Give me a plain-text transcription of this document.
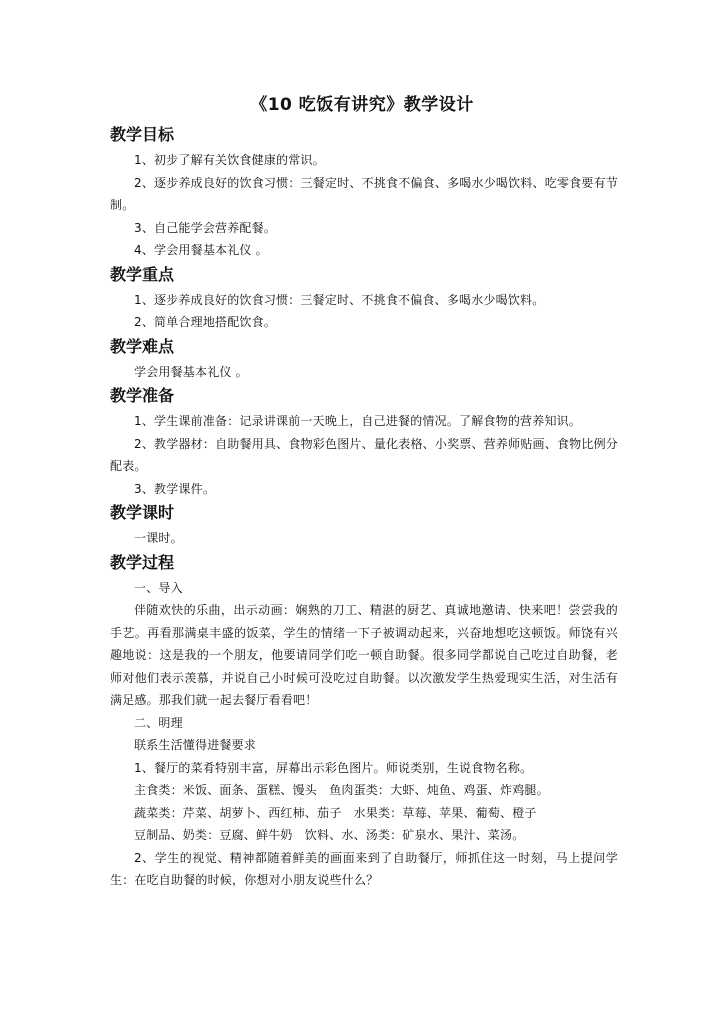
《10 吃饭有讲究》教学设计
教学目标

1、初步了解有关饮食健康的常识。

2、逐步养成良好的饮食习惯：三餐定时、不挑食不偏食、多喝水少喝饮料、吃零食要有节制。

3、自己能学会营养配餐。

4、学会用餐基本礼仪 。

教学重点

1、逐步养成良好的饮食习惯：三餐定时、不挑食不偏食、多喝水少喝饮料。

2、简单合理地搭配饮食。

教学难点

学会用餐基本礼仪 。

教学准备

1、学生课前准备：记录讲课前一天晚上，自己进餐的情况。了解食物的营养知识。

2、教学器材：自助餐用具、食物彩色图片、量化表格、小奖票、营养师贴画、食物比例分配表。

3、教学课件。

教学课时

一课时。

教学过程

一、导入

伴随欢快的乐曲，出示动画：娴熟的刀工、精湛的厨艺、真诚地邀请、快来吧！尝尝我的手艺。再看那满桌丰盛的饭菜，学生的情绪一下子被调动起来，兴奋地想吃这顿饭。师饶有兴趣地说：这是我的一个朋友，他要请同学们吃一顿自助餐。很多同学都说自己吃过自助餐，老师对他们表示羡慕，并说自己小时候可没吃过自助餐。以次激发学生热爱现实生活，对生活有满足感。那我们就一起去餐厅看看吧！

二、明理

联系生活懂得进餐要求

1、餐厅的菜肴特别丰富，屏幕出示彩色图片。师说类别，生说食物名称。

主食类：米饭、面条、蛋糕、馒头　鱼肉蛋类：大虾、炖鱼、鸡蛋、炸鸡腿。

蔬菜类：芹菜、胡萝卜、西红柿、茄子　水果类：草莓、苹果、葡萄、橙子

豆制品、奶类：豆腐、鲜牛奶　饮料、水、汤类：矿泉水、果汁、菜汤。

2、学生的视觉、精神都随着鲜美的画面来到了自助餐厅，师抓住这一时刻，马上提问学生：在吃自助餐的时候，你想对小朋友说些什么？
